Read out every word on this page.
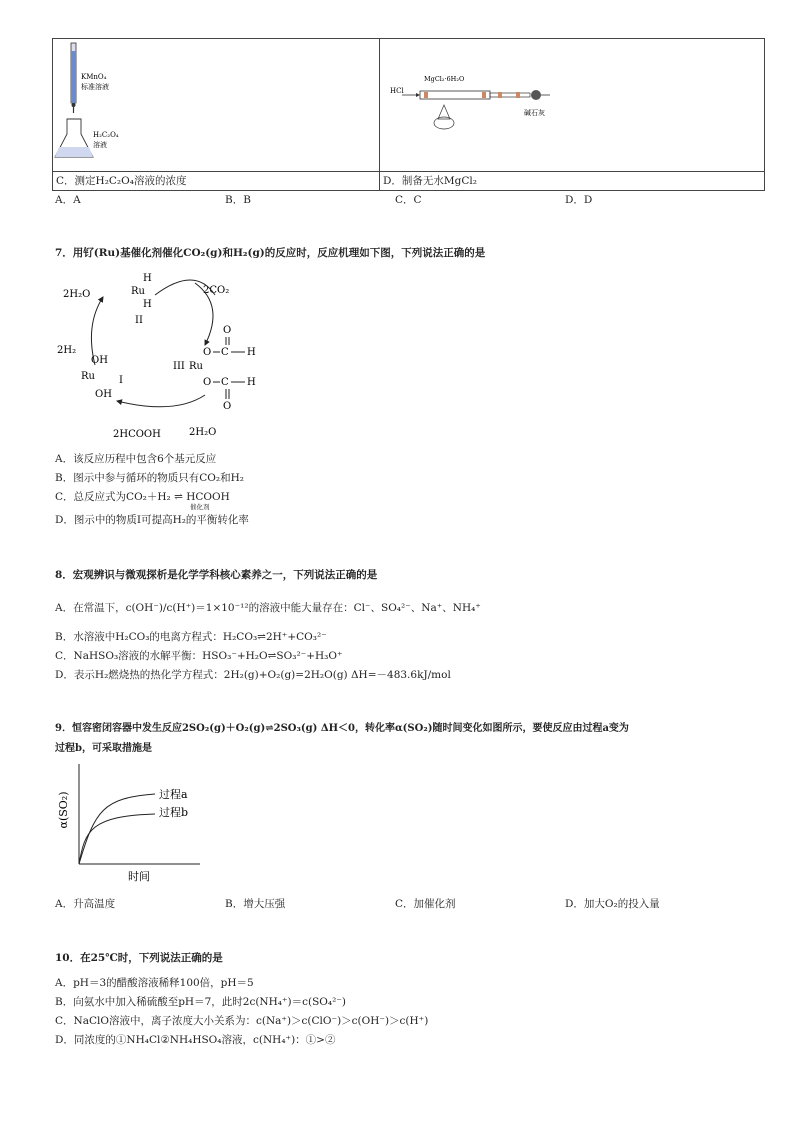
KMnO₄
标准溶液
H₂C₂O₄
溶液	HCl
MgCl₂·6H₂O
碱石灰

C．测定H₂C₂O₄溶液的浓度	D．制备无水MgCl₂
A．A	B．B	C．C	D．D
7．用钌(Ru)基催化剂催化CO₂(g)和H₂(g)的反应时，反应机理如下图，下列说法正确的是
2H₂O	Ru
H
H
II
2CO₂
2H₂
OH
Ru
OH
I
III Ru
O C H
O
O C H
O
2HCOOH	2H₂O
A．该反应历程中包含6个基元反应
B．图示中参与循环的物质只有CO₂和H₂
C．总反应式为CO₂＋H₂ ⇌ HCOOH
催化剂
D．图示中的物质Ⅰ可提高H₂的平衡转化率
8．宏观辨识与微观探析是化学学科核心素养之一，下列说法正确的是
A．在常温下，c(OH⁻)/c(H⁺)＝1×10⁻¹²的溶液中能大量存在：Cl⁻、SO₄²⁻、Na⁺、NH₄⁺
B．水溶液中H₂CO₃的电离方程式：H₂CO₃⇌2H⁺+CO₃²⁻
C．NaHSO₃溶液的水解平衡：HSO₃⁻+H₂O⇌SO₃²⁻+H₃O⁺
D．表示H₂燃烧热的热化学方程式：2H₂(g)+O₂(g)=2H₂O(g) ΔH=－483.6kJ/mol
9．恒容密闭容器中发生反应2SO₂(g)＋O₂(g)⇌2SO₃(g) ΔH＜0，转化率α(SO₂)随时间变化如图所示，要使反应由过程a变为
过程b，可采取措施是
α(SO₂)	过程a
过程b
时间
A．升高温度	B．增大压强	C．加催化剂	D．加大O₂的投入量
10．在25℃时，下列说法正确的是
A．pH＝3的醋酸溶液稀释100倍，pH＝5
B．向氨水中加入稀硫酸至pH＝7，此时2c(NH₄⁺)＝c(SO₄²⁻)
C．NaClO溶液中，离子浓度大小关系为：c(Na⁺)＞c(ClO⁻)＞c(OH⁻)＞c(H⁺)
D．同浓度的①NH₄Cl②NH₄HSO₄溶液，c(NH₄⁺)：①>②
